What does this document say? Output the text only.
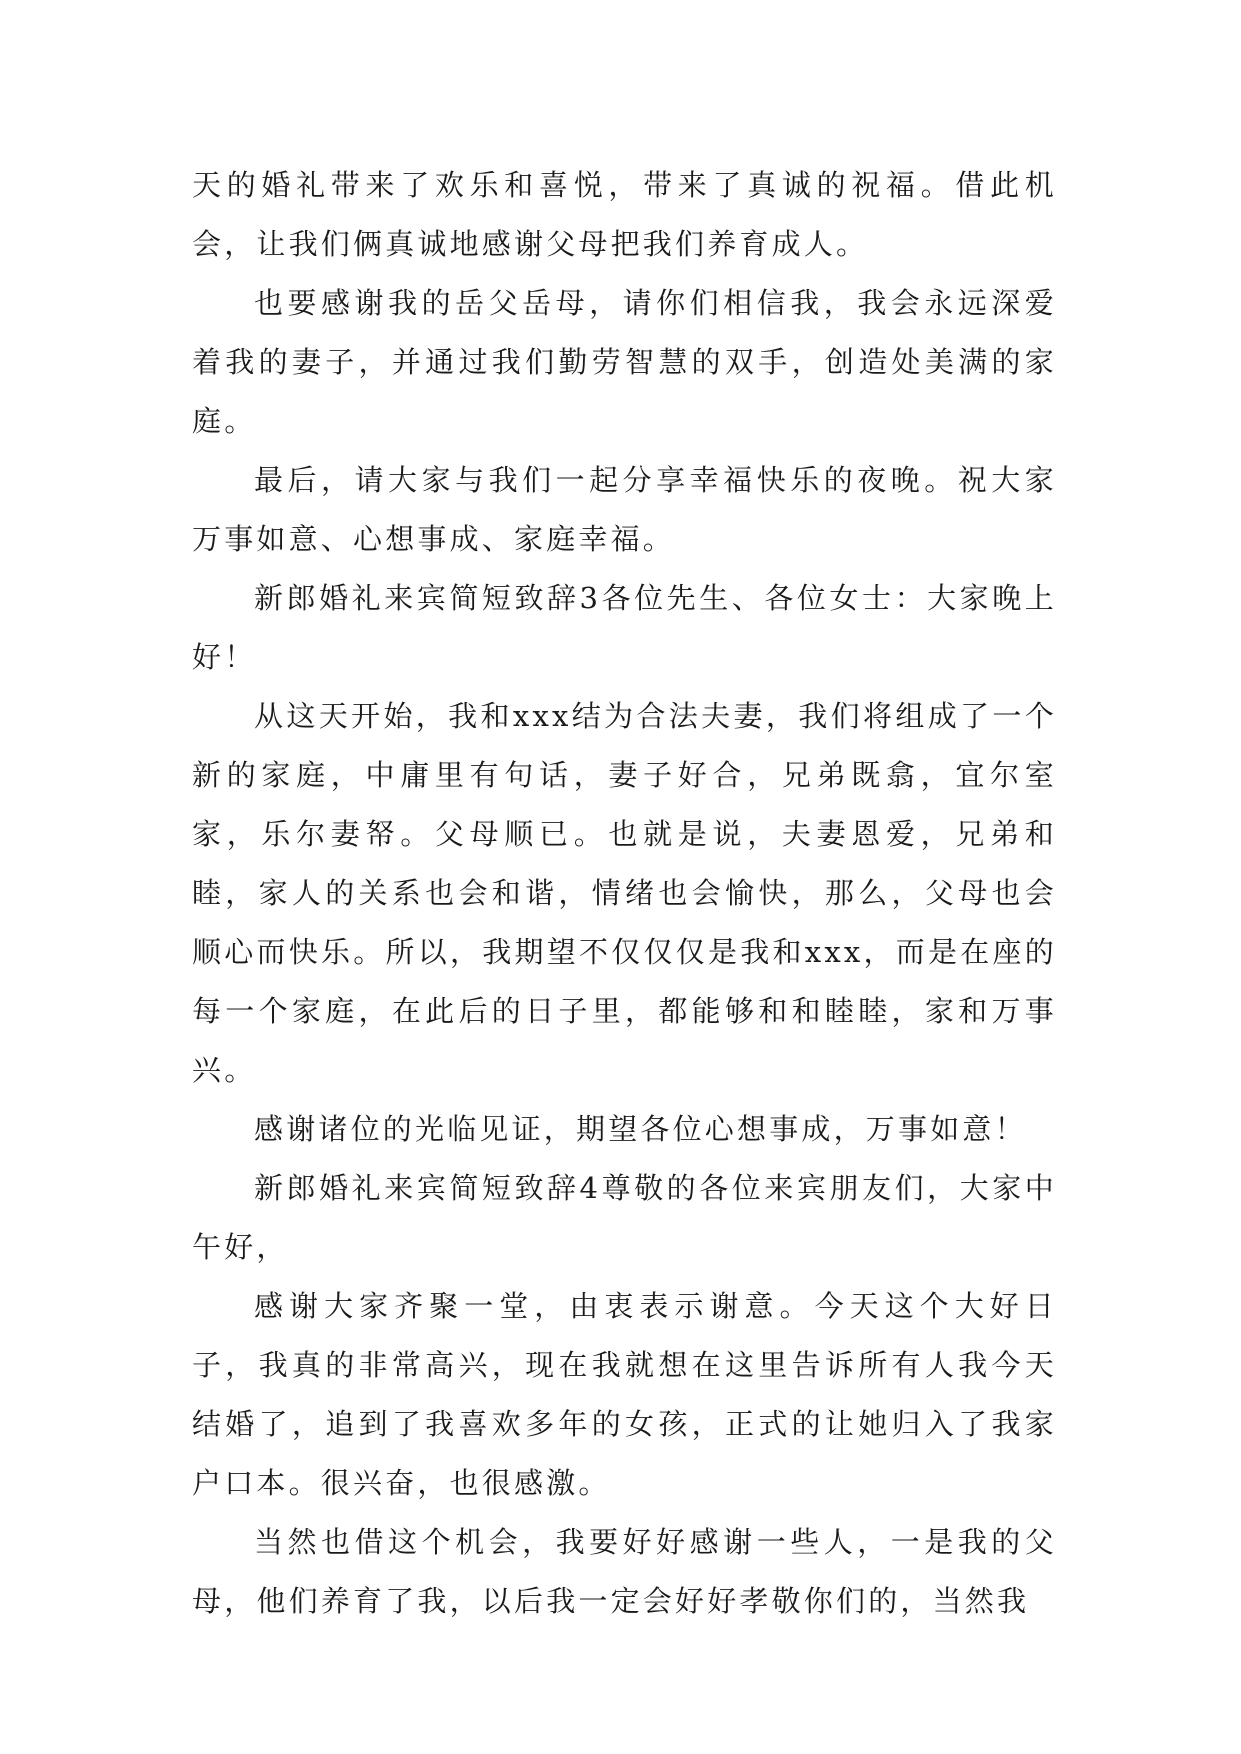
天的婚礼带来了欢乐和喜悦，带来了真诚的祝福。借此机会，让我们俩真诚地感谢父母把我们养育成人。

也要感谢我的岳父岳母，请你们相信我，我会永远深爱着我的妻子，并通过我们勤劳智慧的双手，创造处美满的家庭。

最后，请大家与我们一起分享幸福快乐的夜晚。祝大家万事如意、心想事成、家庭幸福。

新郎婚礼来宾简短致辞3各位先生、各位女士：大家晚上好！

从这天开始，我和xxx结为合法夫妻，我们将组成了一个新的家庭，中庸里有句话，妻子好合，兄弟既翕，宜尔室家，乐尔妻帑。父母顺已。也就是说，夫妻恩爱，兄弟和睦，家人的关系也会和谐，情绪也会愉快，那么，父母也会顺心而快乐。所以，我期望不仅仅仅是我和xxx，而是在座的每一个家庭，在此后的日子里，都能够和和睦睦，家和万事兴。

感谢诸位的光临见证，期望各位心想事成，万事如意！

新郎婚礼来宾简短致辞4尊敬的各位来宾朋友们，大家中午好，

感谢大家齐聚一堂，由衷表示谢意。今天这个大好日子，我真的非常高兴，现在我就想在这里告诉所有人我今天结婚了，追到了我喜欢多年的女孩，正式的让她归入了我家户口本。很兴奋，也很感激。

当然也借这个机会，我要好好感谢一些人，一是我的父母，他们养育了我，以后我一定会好好孝敬你们的，当然我
